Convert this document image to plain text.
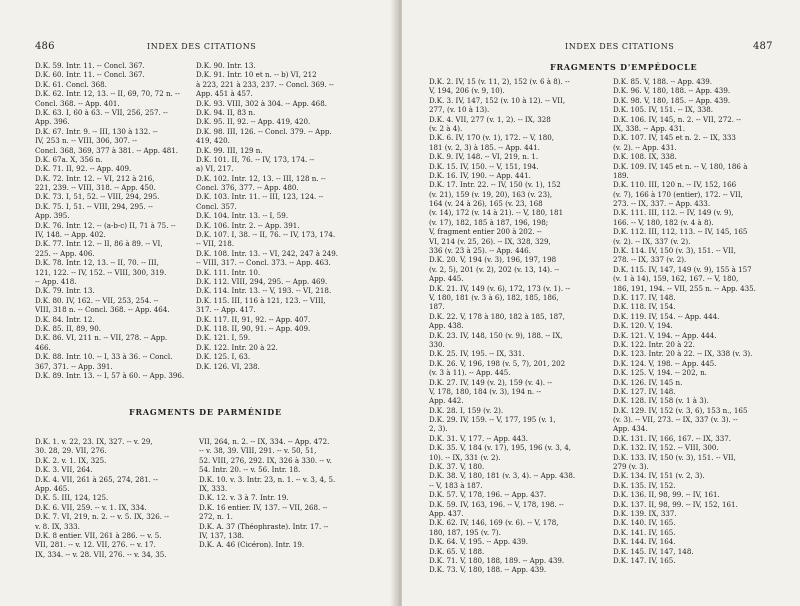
486	INDEX DES CITATIONS
D.K. 59. Intr. 11. -- Concl. 367.
D.K. 60. Intr. 11. -- Concl. 367.
D.K. 61. Concl. 368.
D.K. 62. Intr. 12, 13. -- II, 69, 70, 72 n. --
Concl. 368. -- App. 401.
D.K. 63. I, 60 à 63. -- VII, 256, 257. --
App. 396.
D.K. 67. Intr. 9. -- III, 130 à 132. --
IV, 253 n. -- VIII, 306, 307. --
Concl. 368, 369, 377 à 381. -- App. 481.
D.K. 67a. X, 356 n.
D.K. 71. II, 92. -- App. 409.
D.K. 72. Intr. 12. -- VI, 212 à 216,
221, 239. -- VIII, 318. -- App. 450.
D.K. 73. I, 51, 52. -- VIII, 294, 295.
D.K. 75. I, 51. -- VIII, 294, 295. --
App. 395.
D.K. 76. Intr. 12. -- (a-b-c) II, 71 à 75. --
IV, 148. -- App. 402.
D.K. 77. Intr. 12. -- II, 86 à 89. -- VI,
225. -- App. 406.
D.K. 78. Intr. 12, 13. -- II, 70. -- III,
121, 122. -- IV, 152. -- VIII, 300, 319.
-- App. 418.
D.K. 79. Intr. 13.
D.K. 80. IV, 162. -- VII, 253, 254. --
VIII, 318 n. -- Concl. 368. -- App. 464.
D.K. 84. Intr. 12.
D.K. 85. II, 89, 90.
D.K. 86. VI, 211 n. -- VII, 278. -- App.
466.
D.K. 88. Intr. 10. -- I, 33 à 36. -- Concl.
367, 371. -- App. 391.
D.K. 89. Intr. 13. -- I, 57 à 60. -- App. 396.
D.K. 90. Intr. 13.
D.K. 91. Intr. 10 et n. -- b) VI, 212
à 223, 221 à 233, 237. -- Concl. 369. --
App. 451 à 457.
D.K. 93. VIII, 302 à 304. -- App. 468.
D.K. 94. II, 83 n.
D.K. 95. II, 92. -- App. 419, 420.
D.K. 98. III, 126. -- Concl. 379. -- App.
419, 420.
D.K. 99. III, 129 n.
D.K. 101. II, 76. -- IV, 173, 174. --
a) VI, 217.
D.K. 102. Intr. 12, 13. -- III, 128 n. --
Concl. 376, 377. -- App. 480.
D.K. 103. Intr. 11. -- III, 123, 124. --
Concl. 357.
D.K. 104. Intr. 13. -- I, 59.
D.K. 106. Intr. 2. -- App. 391.
D.K. 107. I, 38. -- II, 76. -- IV, 173, 174.
-- VII, 218.
D.K. 108. Intr. 13. -- VI, 242, 247 à 249.
-- VIII, 317. -- Concl. 373. -- App. 463.
D.K. 111. Intr. 10.
D.K. 112. VIII, 294, 295. -- App. 469.
D.K. 114. Intr. 13. -- V, 193. -- VI, 218.
D.K. 115. III, 116 à 121, 123. -- VIII,
317. -- App. 417.
D.K. 117. II, 91, 92. -- App. 407.
D.K. 118. II, 90, 91. -- App. 409.
D.K. 121. I, 59.
D.K. 122. Intr. 20 à 22.
D.K. 125. I, 63.
D.K. 126. VI, 238.
FRAGMENTS DE PARMÉNIDE
D.K. 1. v. 22, 23. IX, 327. -- v. 29,
30. 28, 29. VII, 276.
D.K. 2. v. 1. IX, 325.
D.K. 3. VII, 264.
D.K. 4. VII, 261 à 265, 274, 281. --
App. 465.
D.K. 5. III, 124, 125.
D.K. 6. VII, 259. -- v. 1. IX, 334.
D.K. 7. VI, 219, n. 2. -- v. 5. IX, 326. --
v. 8. IX, 333.
D.K. 8 entier. VII, 261 à 286. -- v. 5.
VII, 281. -- v. 12. VII, 276. -- v. 17.
IX, 334. -- v. 28. VII, 276. -- v. 34, 35.
VII, 264, n. 2. -- IX, 334. -- App. 472.
-- v. 38, 39. VIII, 291. -- v. 50, 51,
52. VIII, 276, 292. IX, 326 à 330. -- v.
54. Intr. 20. -- v. 56. Intr. 18.
D.K. 10. v. 3. Intr. 23, n. 1. -- v. 3, 4, 5.
IX, 333.
D.K. 12. v. 3 à 7. Intr. 19.
D.K. 16 entier. IV, 137. -- VII, 268. --
272, n. 1.
D.K. A. 37 (Théophraste). Intr. 17. --
IV, 137, 138.
D.K. A. 46 (Cicéron). Intr. 19.
INDEX DES CITATIONS	487
FRAGMENTS D'EMPÉDOCLE
D.K. 2. IV, 15 (v. 11, 2), 152 (v. 6 à 8). --
V, 194, 206 (v. 9, 10).
D.K. 3. IV, 147, 152 (v. 10 à 12). -- VII,
277, (v. 10 à 13).
D.K. 4. VII, 277 (v. 1, 2). -- IX, 328
(v. 2 à 4).
D.K. 6. IV, 170 (v. 1), 172. -- V, 180,
181 (v. 2, 3) à 185. -- App. 441.
D.K. 9. IV, 148. -- VI, 219, n. 1.
D.K. 15. IV, 150. -- V, 151, 194.
D.K. 16. IV, 190. -- App. 441.
D.K. 17. Intr. 22. -- IV, 150 (v. 1), 152
(v. 21), 159 (v. 19, 20), 163 (v. 23),
164 (v. 24 à 26), 165 (v. 23, 168
(v. 14), 172 (v. 14 à 21). -- V, 180, 181
(v. 17), 182, 185 à 187, 196, 198;
V, fragment entier 200 à 202. --
VI, 214 (v. 25, 26). -- IX, 328, 329,
336 (v. 23 à 25). -- App. 446.
D.K. 20. V, 194 (v. 3), 196, 197, 198
(v. 2, 5), 201 (v. 2), 202 (v. 13, 14). --
App. 445.
D.K. 21. IV, 149 (v. 6), 172, 173 (v. 1). --
V, 180, 181 (v. 3 à 6), 182, 185, 186,
187.
D.K. 22. V, 178 à 180, 182 à 185, 187,
App. 438.
D.K. 23. IV, 148, 150 (v. 9), 188. -- IX,
330.
D.K. 25. IV, 195. -- IX, 331.
D.K. 26. V, 196, 198 (v. 5, 7), 201, 202
(v. 3 à 11). -- App. 445.
D.K. 27. IV, 149 (v. 2), 159 (v. 4). --
V, 178, 180, 184 (v. 3), 194 n. --
App. 442.
D.K. 28. I, 159 (v. 2).
D.K. 29. IV, 159. -- V, 177, 195 (v. 1,
2, 3).
D.K. 31. V, 177. -- App. 443.
D.K. 35. V, 184 (v. 17), 195, 196 (v. 3, 4,
10). -- IX, 331 (v. 2).
D.K. 37. V, 180.
D.K. 38. V, 180, 181 (v. 3, 4). -- App. 438.
-- V, 183 à 187.
D.K. 57. V, 178, 196. -- App. 437.
D.K. 59. IV, 163, 196. -- V, 178, 198. --
App. 437.
D.K. 62. IV, 146, 169 (v. 6). -- V, 178,
180, 187, 195 (v. 7).
D.K. 64. V, 195. -- App. 439.
D.K. 65. V, 188.
D.K. 71. V, 180, 188, 189. -- App. 439.
D.K. 73. V, 180, 188. -- App. 439.
D.K. 85. V, 188. -- App. 439.
D.K. 96. V, 180, 188. -- App. 439.
D.K. 98. V, 180, 185. -- App. 439.
D.K. 105. IV, 151. -- IX, 338.
D.K. 106. IV, 145, n. 2. -- VII, 272. --
IX, 338. -- App. 431.
D.K. 107. IV, 145 et n. 2. -- IX, 333
(v. 2). -- App. 431.
D.K. 108. IX, 338.
D.K. 109. IV, 145 et n. -- V, 180, 186 à
189.
D.K. 110. III, 120 n. -- IV, 152, 166
(v. 7), 166 à 170 (entier), 172. -- VII,
273. -- IX, 337. -- App. 433.
D.K. 111. III, 112. -- IV, 149 (v. 9),
166. -- V, 180, 182 (v. 4 à 8).
D.K. 112. III, 112, 113. -- IV, 145, 165
(v. 2). -- IX, 337 (v. 2).
D.K. 114. IV, 150 (v. 3), 151. -- VII,
278. -- IX, 337 (v. 2).
D.K. 115. IV, 147, 149 (v. 9), 155 à 157
(v. 1 à 14), 159, 162, 167. -- V, 180,
186, 191, 194. -- VII, 255 n. -- App. 435.
D.K. 117. IV, 148.
D.K. 118. IV, 154.
D.K. 119. IV, 154. -- App. 444.
D.K. 120. V, 194.
D.K. 121. V, 194. -- App. 444.
D.K. 122. Intr. 20 à 22.
D.K. 123. Intr. 20 à 22. -- IX, 338 (v. 3).
D.K. 124. V, 198. -- App. 445.
D.K. 125. V, 194. -- 202, n.
D.K. 126. IV, 145 n.
D.K. 127. IV, 148.
D.K. 128. IV, 158 (v. 1 à 3).
D.K. 129. IV, 152 (v. 3, 6), 153 n., 165
(v. 3). -- VII, 273. -- IX, 337 (v. 3). --
App. 434.
D.K. 131. IV, 166, 167. -- IX, 337.
D.K. 132. IV, 152. -- VIII, 300.
D.K. 133. IV, 150 (v. 3), 151. -- VII,
279 (v. 3).
D.K. 134. IV, 151 (v. 2, 3).
D.K. 135. IV, 152.
D.K. 136. II, 98, 99. -- IV, 161.
D.K. 137. II, 98, 99. -- IV, 152, 161.
D.K. 139. IX, 337.
D.K. 140. IV, 165.
D.K. 141. IV, 165.
D.K. 144. IV, 164.
D.K. 145. IV, 147, 148.
D.K. 147. IV, 165.
